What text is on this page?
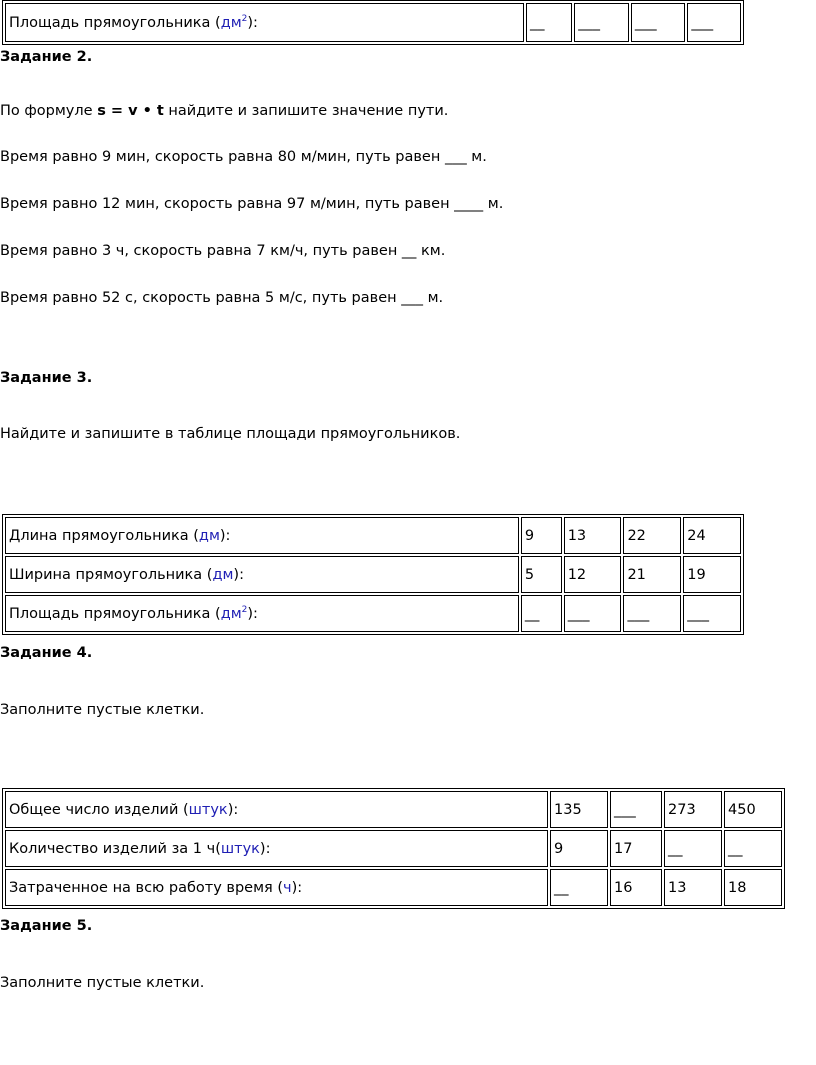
Площадь прямоугольника $(дм^2)$:	__	___	___	___

Задание 2.

По формуле s = v • t найдите и запишите значение пути.

Время равно 9 мин, скорость равна 80 м/мин, путь равен ___ м.

Время равно 12 мин, скорость равна 97 м/мин, путь равен ____ м.

Время равно 3 ч, скорость равна 7 км/ч, путь равен __ км.

Время равно 52 с, скорость равна 5 м/с, путь равен ___ м.

Задание 3.

Найдите и запишите в таблице площади прямоугольников.

Длина прямоугольника (дм):	9	13	22	24
Ширина прямоугольника (дм):	5	12	21	19
Площадь прямоугольника $(дм^2)$:	__	___	___	___

Задание 4.

Заполните пустые клетки.

Общее число изделий (штук):	135	___	273	450
Количество изделий за 1 ч(штук):	9	17	__	__
Затраченное на всю работу время (ч):	__	16	13	18

Задание 5.

Заполните пустые клетки.
